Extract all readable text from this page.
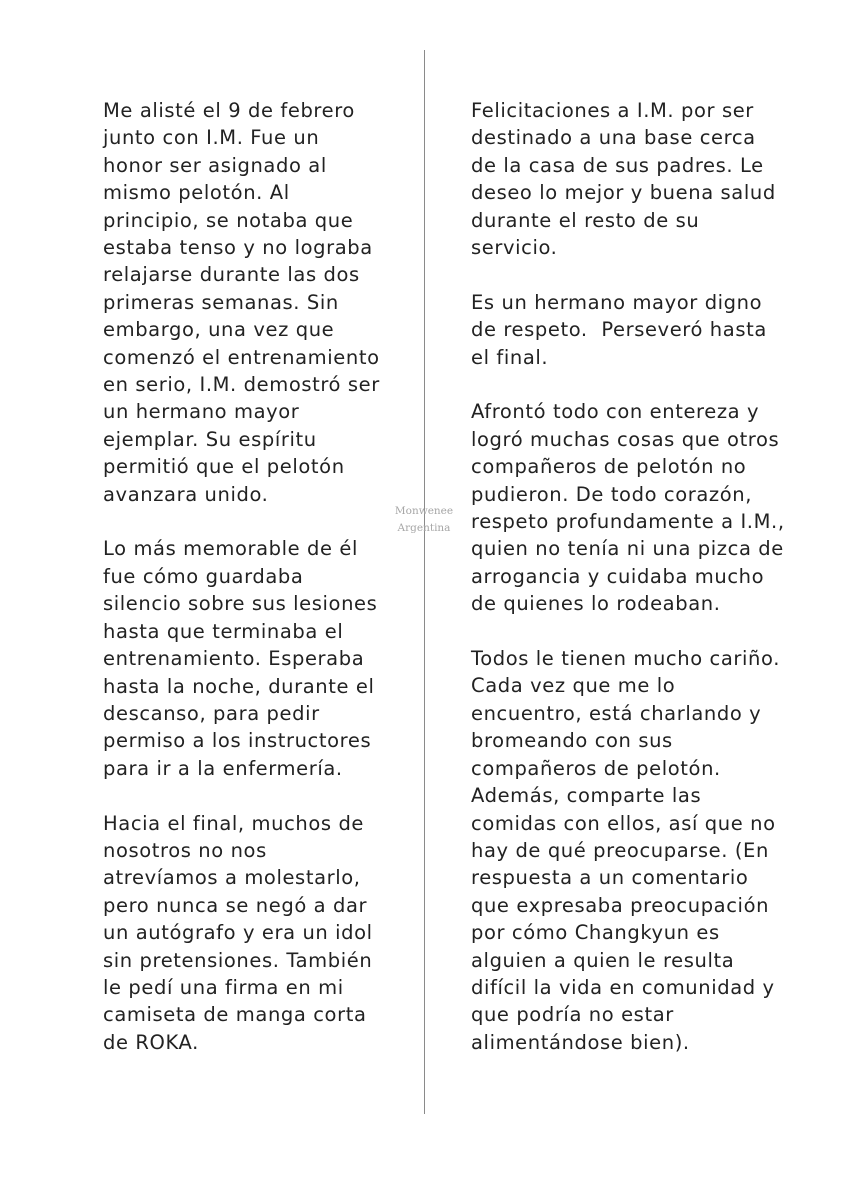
Monwenee
Argentina
Me alisté el 9 de febrero
junto con I.M. Fue un
honor ser asignado al
mismo pelotón. Al
principio, se notaba que
estaba tenso y no lograba
relajarse durante las dos
primeras semanas. Sin
embargo, una vez que
comenzó el entrenamiento
en serio, I.M. demostró ser
un hermano mayor
ejemplar. Su espíritu
permitió que el pelotón
avanzara unido.
Lo más memorable de él
fue cómo guardaba
silencio sobre sus lesiones
hasta que terminaba el
entrenamiento. Esperaba
hasta la noche, durante el
descanso, para pedir
permiso a los instructores
para ir a la enfermería.
Hacia el final, muchos de
nosotros no nos
atrevíamos a molestarlo,
pero nunca se negó a dar
un autógrafo y era un idol
sin pretensiones. También
le pedí una firma en mi
camiseta de manga corta
de ROKA.
Felicitaciones a I.M. por ser
destinado a una base cerca
de la casa de sus padres. Le
deseo lo mejor y buena salud
durante el resto de su
servicio.
Es un hermano mayor digno
de respeto.  Perseveró hasta
el final.
Afrontó todo con entereza y
logró muchas cosas que otros
compañeros de pelotón no
pudieron. De todo corazón,
respeto profundamente a I.M.,
quien no tenía ni una pizca de
arrogancia y cuidaba mucho
de quienes lo rodeaban.
Todos le tienen mucho cariño.
Cada vez que me lo
encuentro, está charlando y
bromeando con sus
compañeros de pelotón.
Además, comparte las
comidas con ellos, así que no
hay de qué preocuparse. (En
respuesta a un comentario
que expresaba preocupación
por cómo Changkyun es
alguien a quien le resulta
difícil la vida en comunidad y
que podría no estar
alimentándose bien).
